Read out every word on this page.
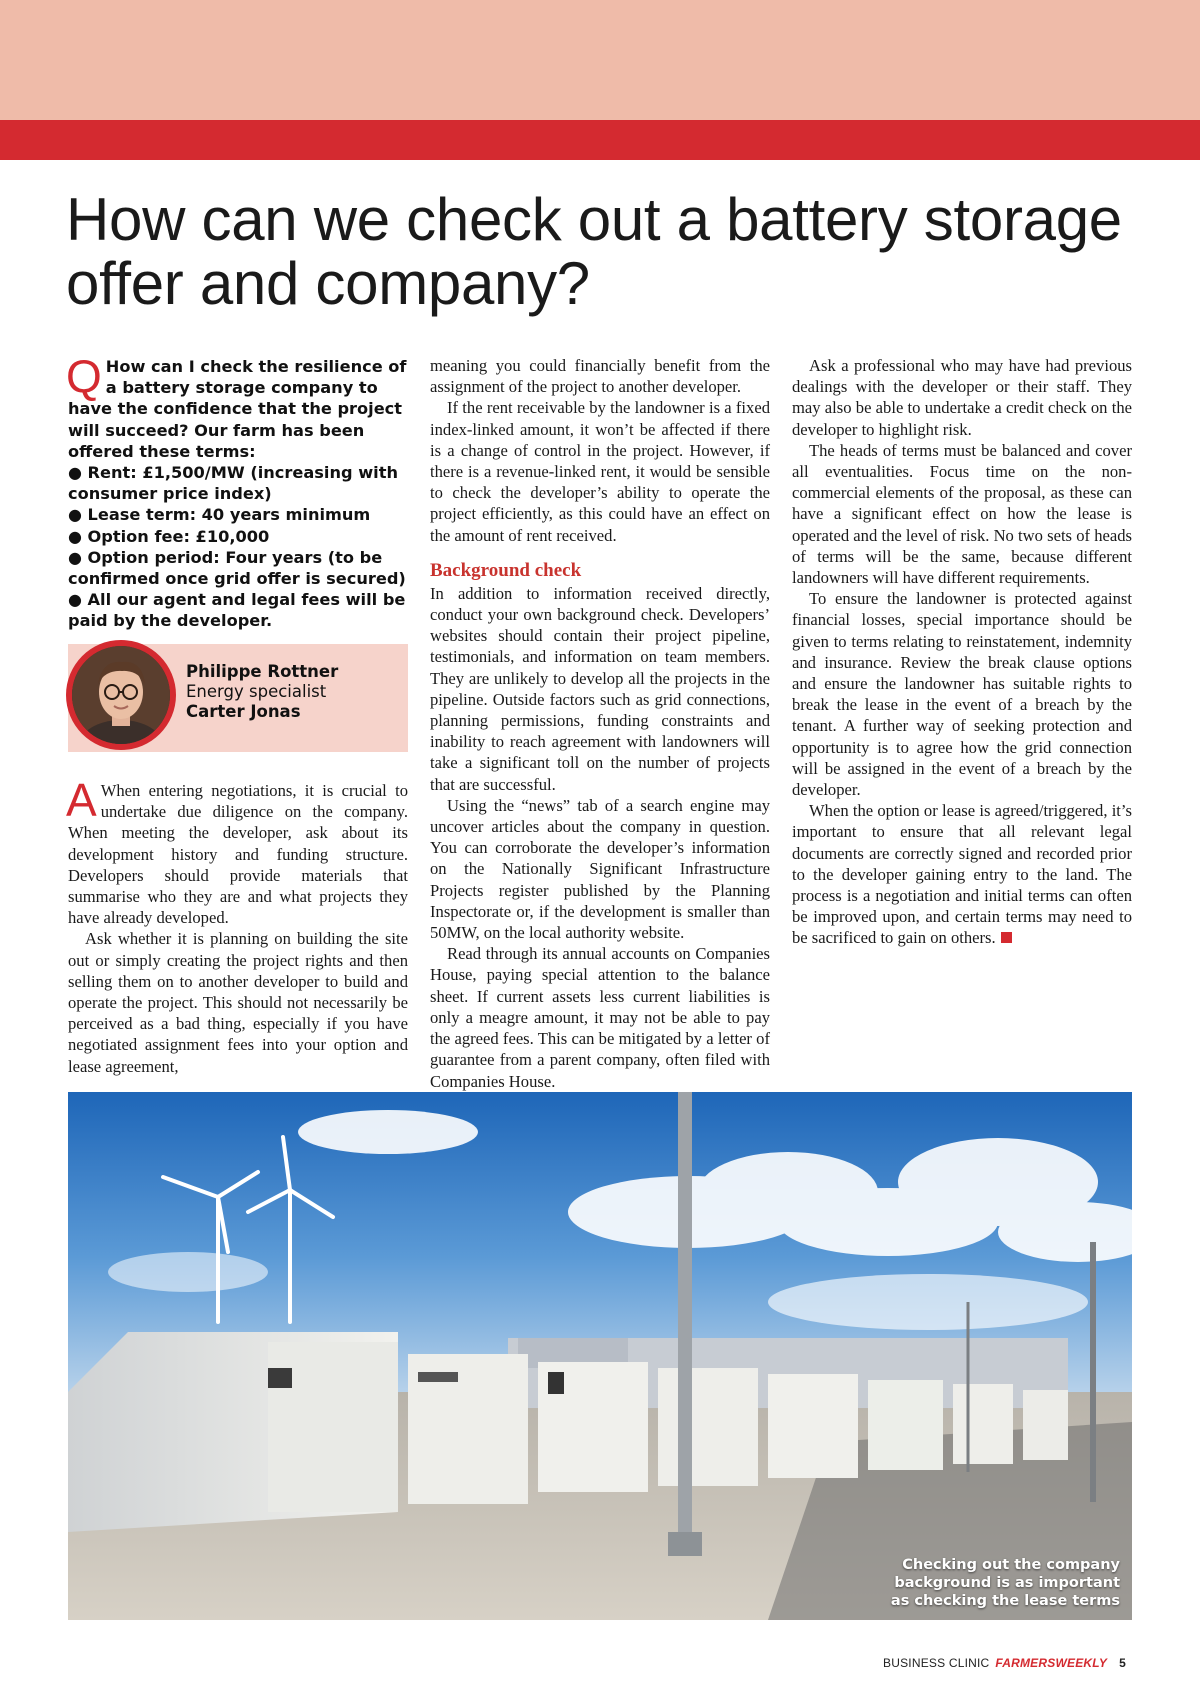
How can we check out a battery storage offer and company?
Q How can I check the resilience of a battery storage company to have the confidence that the project will succeed? Our farm has been offered these terms:
● Rent: £1,500/MW (increasing with consumer price index)
● Lease term: 40 years minimum
● Option fee: £10,000
● Option period: Four years (to be confirmed once grid offer is secured)
● All our agent and legal fees will be paid by the developer.
Philippe Rottner
Energy specialist
Carter Jonas

A When entering negotiations, it is crucial to undertake due diligence on the company. When meeting the developer, ask about its development history and funding structure. Developers should provide materials that summarise who they are and what projects they have already developed.

Ask whether it is planning on building the site out or simply creating the project rights and then selling them on to another developer to build and operate the project. This should not necessarily be perceived as a bad thing, especially if you have negotiated assignment fees into your option and lease agreement,

meaning you could financially benefit from the assignment of the project to another developer.

If the rent receivable by the landowner is a fixed index-linked amount, it won’t be affected if there is a change of control in the project. However, if there is a revenue-linked rent, it would be sensible to check the developer’s ability to operate the project efficiently, as this could have an effect on the amount of rent received.

Background check

In addition to information received directly, conduct your own background check. Developers’ websites should contain their project pipeline, testimonials, and information on team members. They are unlikely to develop all the projects in the pipeline. Outside factors such as grid connections, planning permissions, funding constraints and inability to reach agreement with landowners will take a significant toll on the number of projects that are successful.

Using the “news” tab of a search engine may uncover articles about the company in question. You can corroborate the developer’s information on the Nationally Significant Infrastructure Projects register published by the Planning Inspectorate or, if the development is smaller than 50MW, on the local authority website.

Read through its annual accounts on Companies House, paying special attention to the balance sheet. If current assets less current liabilities is only a meagre amount, it may not be able to pay the agreed fees. This can be mitigated by a letter of guarantee from a parent company, often filed with Companies House.

Ask a professional who may have had previous dealings with the developer or their staff. They may also be able to undertake a credit check on the developer to highlight risk.

The heads of terms must be balanced and cover all eventualities. Focus time on the non-commercial elements of the proposal, as these can have a significant effect on how the lease is operated and the level of risk. No two sets of heads of terms will be the same, because different landowners will have different requirements.

To ensure the landowner is protected against financial losses, special importance should be given to terms relating to reinstatement, indemnity and insurance. Review the break clause options and ensure the landowner has suitable rights to break the lease in the event of a breach by the tenant. A further way of seeking protection and opportunity is to agree how the grid connection will be assigned in the event of a breach by the developer.

When the option or lease is agreed/triggered, it’s important to ensure that all relevant legal documents are correctly signed and recorded prior to the developer gaining entry to the land. The process is a negotiation and initial terms can often be improved upon, and certain terms may need to be sacrificed to gain on others.

Checking out the company background is as important as checking the lease terms
BUSINESS CLINIC FARMERSWEEKLY 5
